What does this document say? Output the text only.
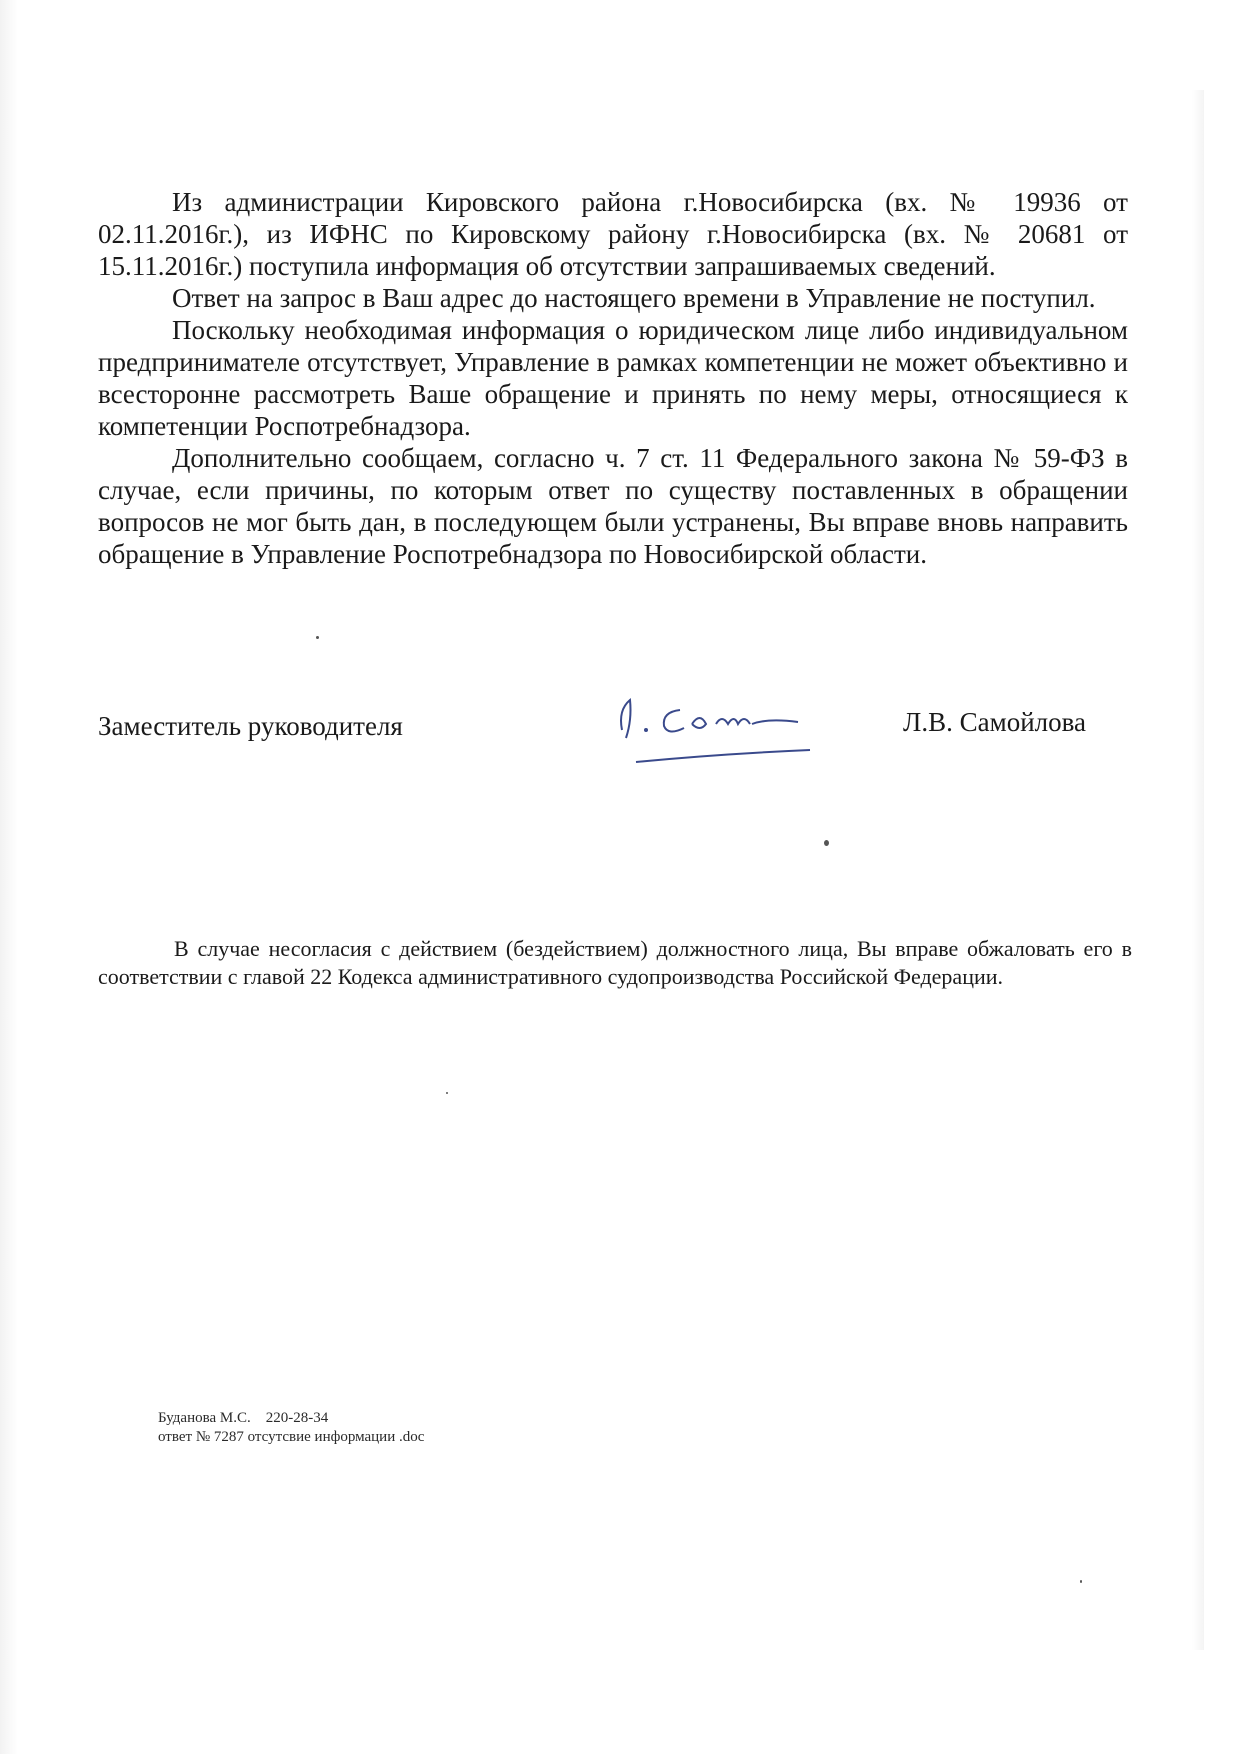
Из администрации Кировского района г.Новосибирска (вх. № 19936 от 02.11.2016г.), из ИФНС по Кировскому району г.Новосибирска (вх. № 20681 от 15.11.2016г.) поступила информация об отсутствии запрашиваемых сведений.

Ответ на запрос в Ваш адрес до настоящего времени в Управление не поступил.

Поскольку необходимая информация о юридическом лице либо индивидуальном предпринимателе отсутствует, Управление в рамках компетенции не может объективно и всесторонне рассмотреть Ваше обращение и принять по нему меры, относящиеся к компетенции Роспотребнадзора.

Дополнительно сообщаем, согласно ч. 7 ст. 11 Федерального закона № 59-ФЗ в случае, если причины, по которым ответ по существу поставленных в обращении вопросов не мог быть дан, в последующем были устранены, Вы вправе вновь направить обращение в Управление Роспотребнадзора по Новосибирской области.

Заместитель руководителя	Л.В. Самойлова

В случае несогласия с действием (бездействием) должностного лица, Вы вправе обжаловать его в соответствии с главой 22 Кодекса административного судопроизводства Российской Федерации.

Буданова М.С.    220-28-34
ответ № 7287 отсутсвие информации .doc
